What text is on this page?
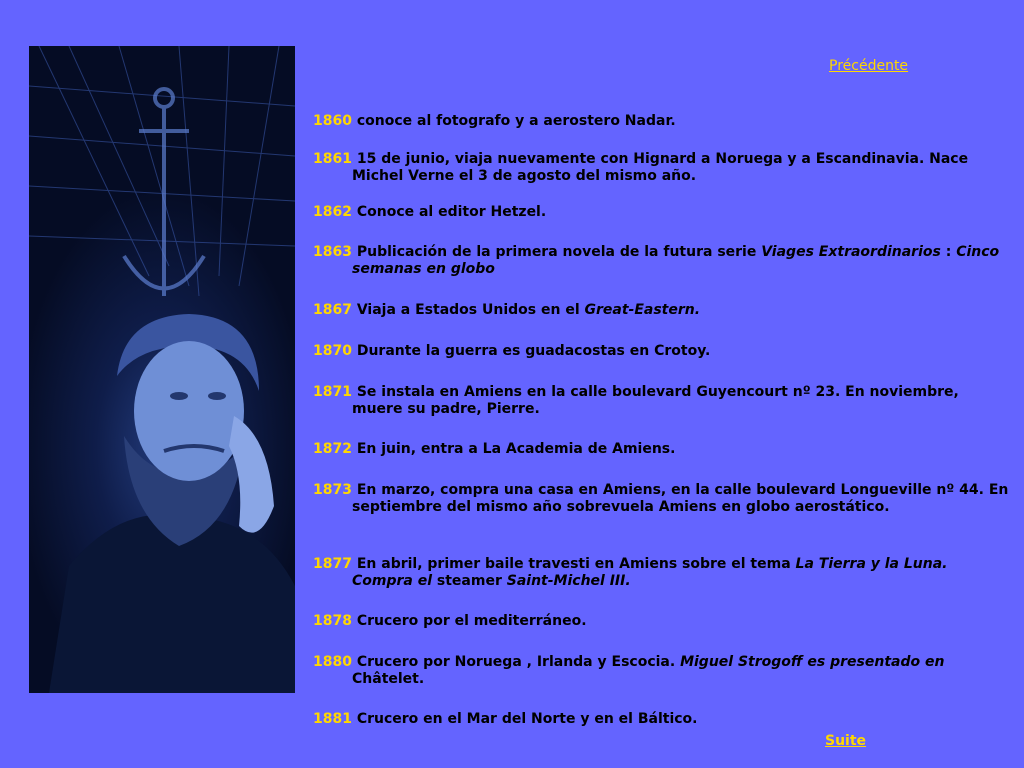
Précédente
1860 conoce al fotografo y a aerostero Nadar.
1861 15 de junio, viaja nuevamente con Hignard a Noruega y a Escandinavia. Nace Michel Verne el 3 de agosto del mismo año.
1862 Conoce al editor Hetzel.
1863 Publicación de la primera novela de la futura serie Viages Extraordinarios : Cinco semanas en globo
1867 Viaja a Estados Unidos en el Great-Eastern.
1870 Durante la guerra es guadacostas en Crotoy.
1871 Se instala en Amiens en la calle boulevard Guyencourt nº 23. En noviembre, muere su padre, Pierre.
1872 En juin, entra a La Academia de Amiens.
1873 En marzo, compra una casa en Amiens, en la calle boulevard Longueville nº 44. En septiembre del mismo año sobrevuela Amiens en globo aerostático.
1877 En abril, primer baile travesti en Amiens sobre el tema La Tierra y la Luna. Compra el steamer Saint-Michel III.
1878 Crucero por el mediterráneo.
1880 Crucero por Noruega , Irlanda y Escocia. Miguel Strogoff es presentado en Châtelet.
1881 Crucero en el Mar del Norte y en el Báltico.
Suite
